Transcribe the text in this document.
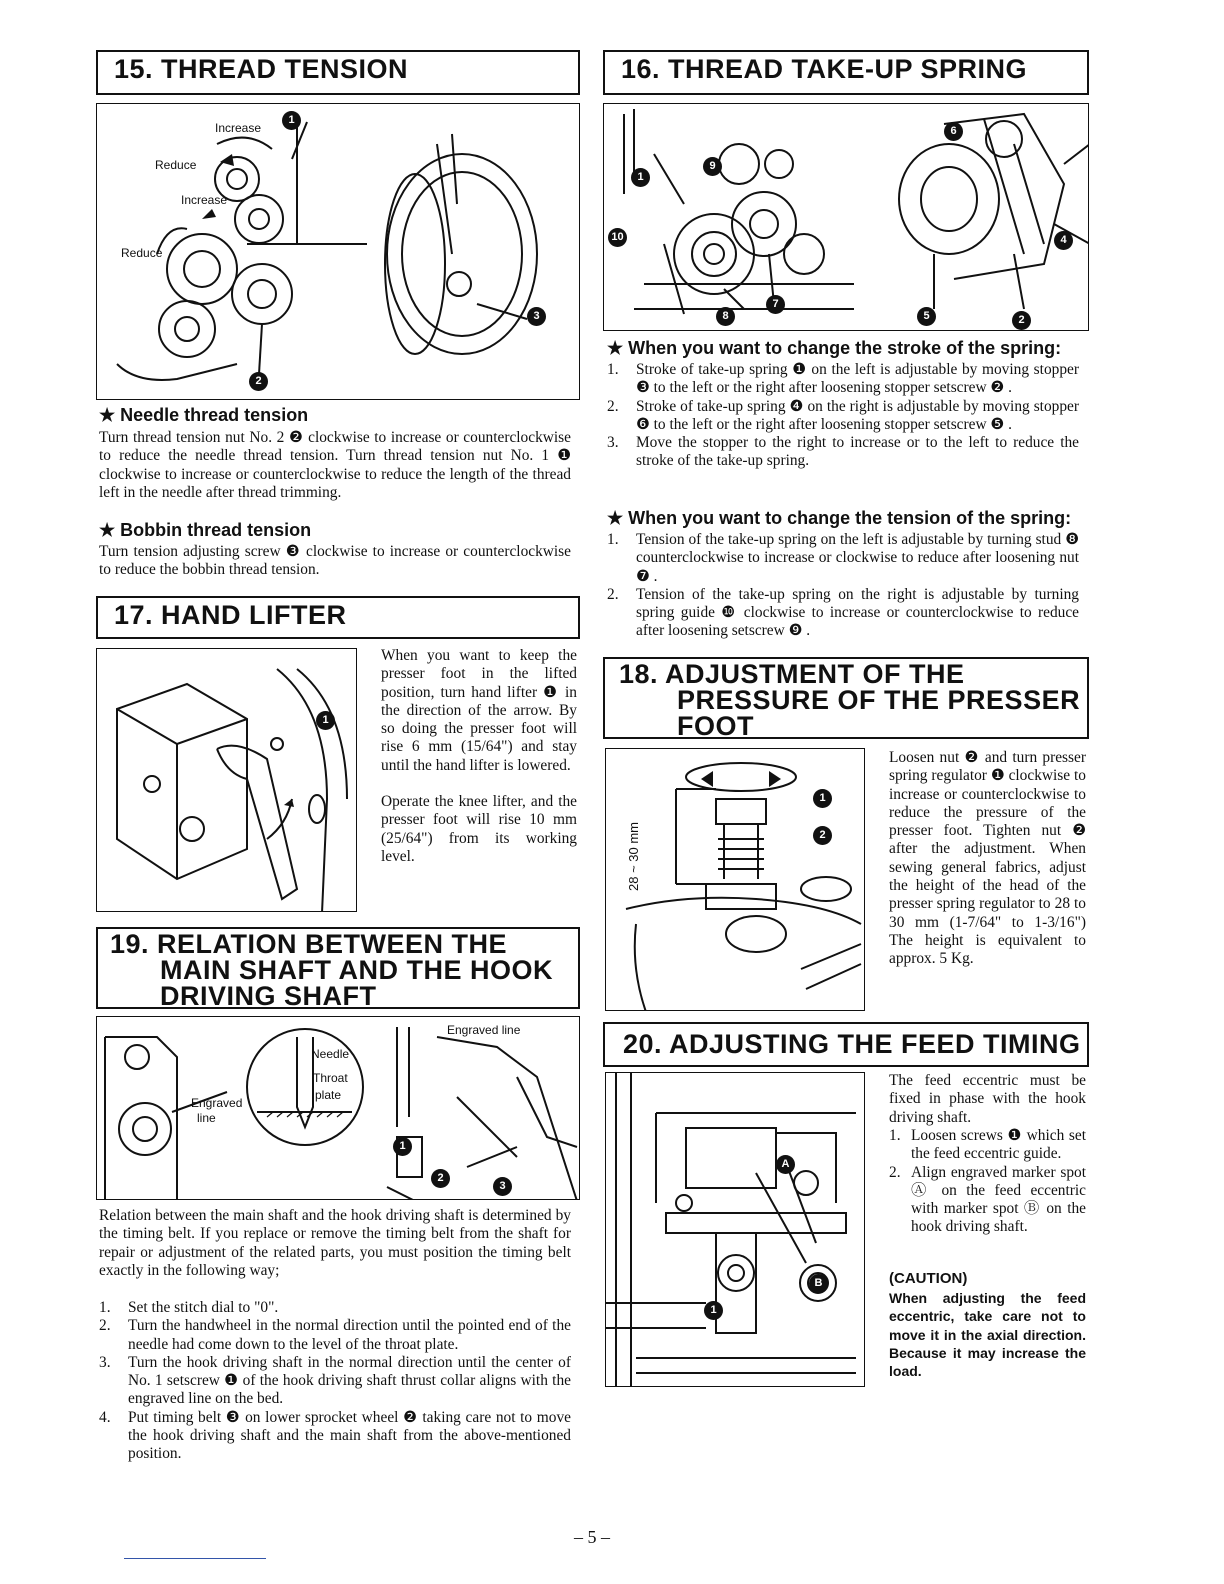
15. THREAD TENSION
Increase
Reduce
Increase
Reduce
1
2
3
★ Needle thread tension
Turn thread tension nut No. 2 ❷ clockwise to increase or counterclockwise to reduce the needle thread tension. Turn thread tension nut No. 1 ❶ clockwise to increase or counterclockwise to reduce the length of the thread left in the needle after thread trimming.
★ Bobbin thread tension
Turn tension adjusting screw ❸ clockwise to increase or counterclockwise to reduce the bobbin thread tension.
17. HAND LIFTER
1
When you want to keep the presser foot in the lifted position, turn hand lifter ❶ in the direction of the arrow. By so doing the presser foot will rise 6 mm (15/64") and stay until the hand lifter is lowered.
Operate the knee lifter, and the presser foot will rise 10 mm (25/64") from its working level.
19. RELATION BETWEEN THE
MAIN SHAFT AND THE HOOK
DRIVING SHAFT
Needle
Throat
plate
Engraved
line
Engraved line
1
2
3
Relation between the main shaft and the hook driving shaft is determined by the timing belt. If you replace or remove the timing belt from the shaft for repair or adjustment of the related parts, you must position the timing belt exactly in the following way;
1. Set the stitch dial to "0".
2. Turn the handwheel in the normal direction until the pointed end of the needle had come down to the level of the throat plate.
3. Turn the hook driving shaft in the normal direction until the center of No. 1 setscrew ❶ of the hook driving shaft thrust collar aligns with the engraved line on the bed.
4. Put timing belt ❸ on lower sprocket wheel ❷ taking care not to move the hook driving shaft and the main shaft from the above-mentioned position.
16. THREAD TAKE-UP SPRING
1
9
10
8
7
6
4
5	2
★ When you want to change the stroke of the spring:
1. Stroke of take-up spring ❶ on the left is adjustable by moving stopper ❸ to the left or the right after loosening stopper setscrew ❷ .
2. Stroke of take-up spring ❹ on the right is adjustable by moving stopper ❻ to the left or the right after loosening stopper setscrew ❺ .
3. Move the stopper to the right to increase or to the left to reduce the stroke of the take-up spring.
★ When you want to change the tension of the spring:
1. Tension of the take-up spring on the left is adjustable by turning stud ❽ counterclockwise to increase or clockwise to reduce after loosening nut ❼ .
2. Tension of the take-up spring on the right is adjustable by turning spring guide ❿ clockwise to increase or counterclockwise to reduce after loosening setscrew ❾ .
18. ADJUSTMENT OF THE
PRESSURE OF THE PRESSER
FOOT
28 ~ 30 mm
1
2
Loosen nut ❷ and turn presser spring regulator ❶ clockwise to increase or counterclockwise to reduce the pressure of the presser foot. Tighten nut ❷ after the adjustment. When sewing general fabrics, adjust the height of the head of the presser spring regulator to 28 to 30 mm (1-7/64" to 1-3/16") The height is equivalent to approx. 5 Kg.
20. ADJUSTING THE FEED TIMING
A
B
1
The feed eccentric must be fixed in phase with the hook driving shaft.
1. Loosen screws ❶ which set the feed eccentric guide.
2. Align engraved marker spot Ⓐ on the feed eccentric with marker spot Ⓑ on the hook driving shaft.
(CAUTION)
When adjusting the feed eccentric, take care not to move it in the axial direction. Because it may increase the load.
– 5 –
